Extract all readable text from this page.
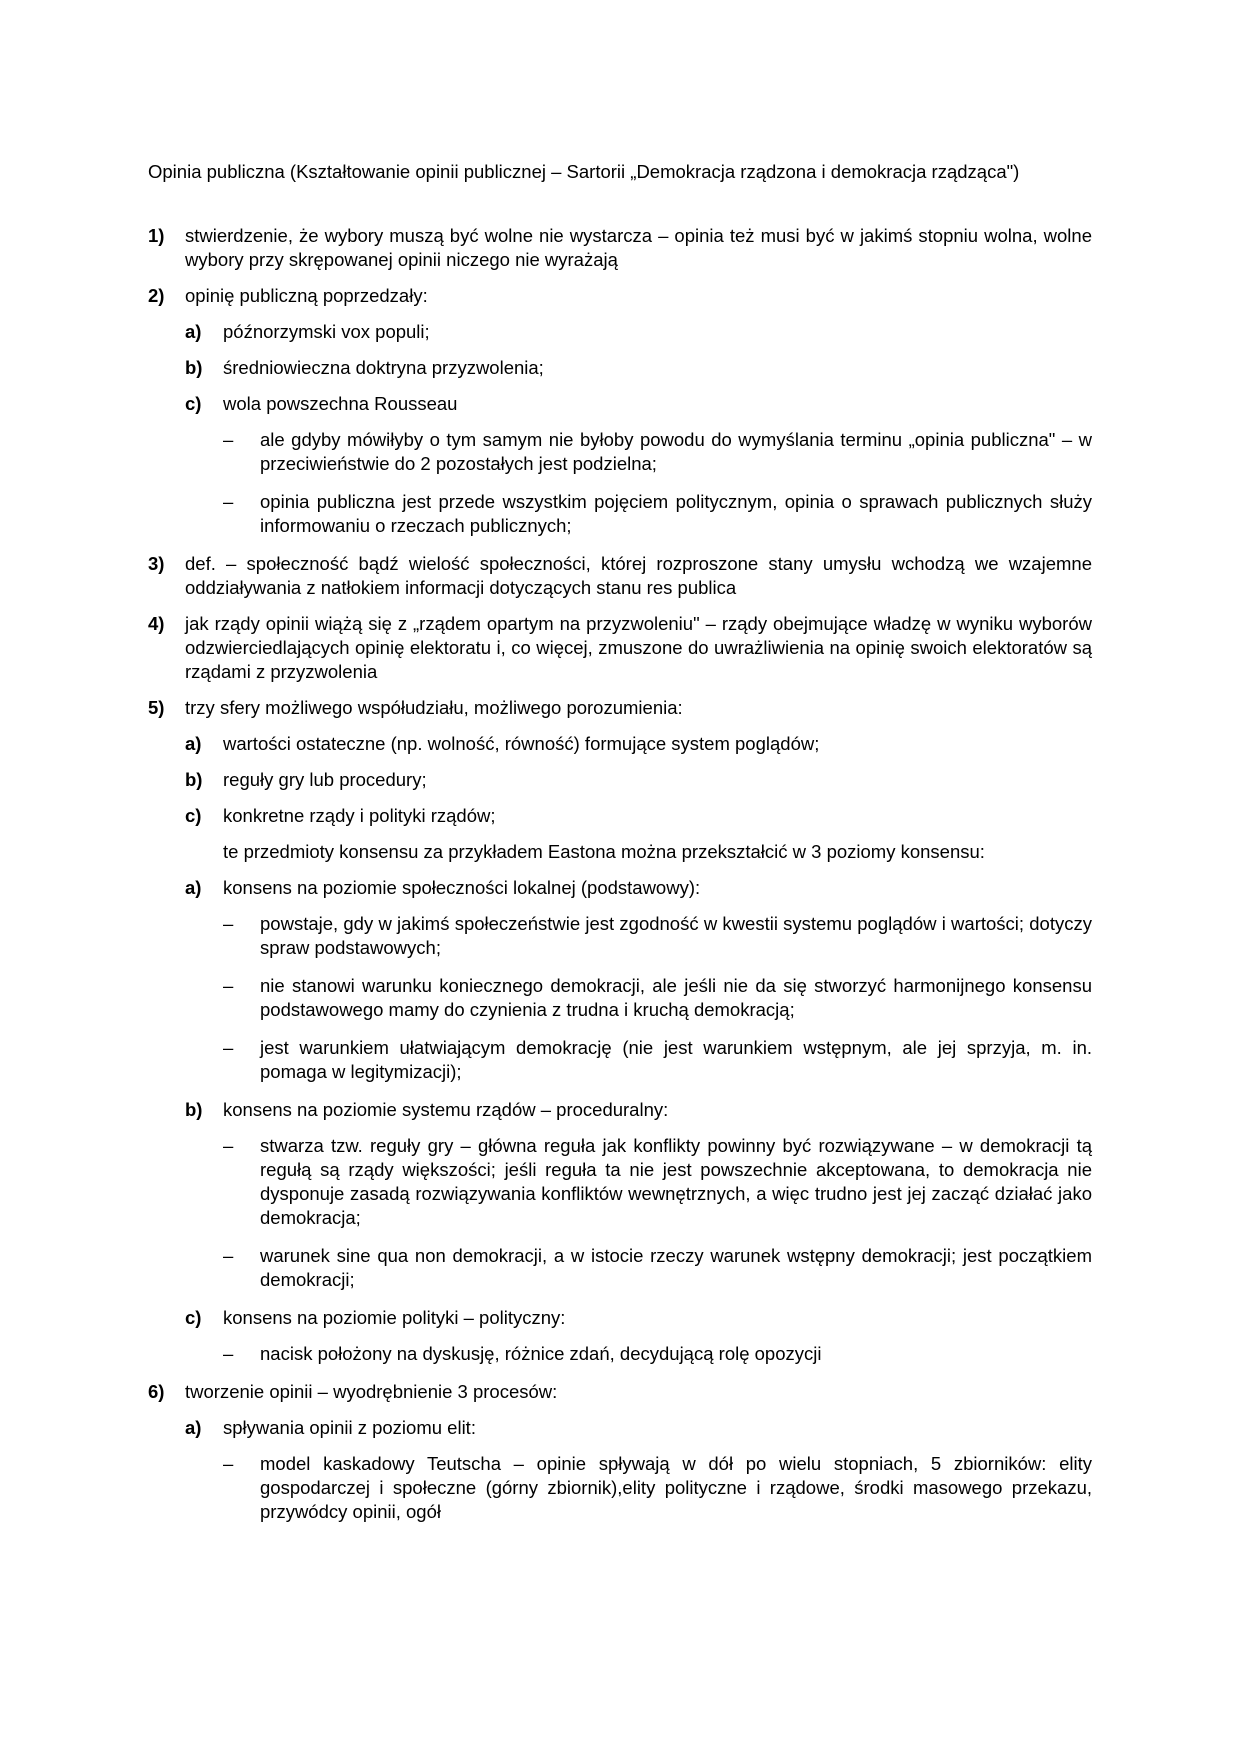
Opinia publiczna (Kształtowanie opinii publicznej – Sartorii „Demokracja rządzona i demokracja rządząca")
1) stwierdzenie, że wybory muszą być wolne nie wystarcza – opinia też musi być w jakimś stopniu wolna, wolne wybory przy skrępowanej opinii niczego nie wyrażają
2) opinię publiczną poprzedzały:
a) późnorzymski vox populi;
b) średniowieczna doktryna przyzwolenia;
c) wola powszechna Rousseau
– ale gdyby mówiłyby o tym samym nie byłoby powodu do wymyślania terminu „opinia publiczna" – w przeciwieństwie do 2 pozostałych jest podzielna;
– opinia publiczna jest przede wszystkim pojęciem politycznym, opinia o sprawach publicznych służy informowaniu o rzeczach publicznych;
3) def. – społeczność bądź wielość społeczności, której rozproszone stany umysłu wchodzą we wzajemne oddziaływania z natłokiem informacji dotyczących stanu res publica
4) jak rządy opinii wiążą się z „rządem opartym na przyzwoleniu" – rządy obejmujące władzę w wyniku wyborów odzwierciedlających opinię elektoratu i, co więcej, zmuszone do uwrażliwienia na opinię swoich elektoratów są rządami z przyzwolenia
5) trzy sfery możliwego współudziału, możliwego porozumienia:
a) wartości ostateczne (np. wolność, równość) formujące system poglądów;
b) reguły gry lub procedury;
c) konkretne rządy i polityki rządów;
te przedmioty konsensu za przykładem Eastona można przekształcić w 3 poziomy konsensu:
a) konsens na poziomie społeczności lokalnej (podstawowy):
– powstaje, gdy w jakimś społeczeństwie jest zgodność w kwestii systemu poglądów i wartości; dotyczy spraw podstawowych;
– nie stanowi warunku koniecznego demokracji, ale jeśli nie da się stworzyć harmonijnego konsensu podstawowego mamy do czynienia z trudna i kruchą demokracją;
– jest warunkiem ułatwiającym demokrację (nie jest warunkiem wstępnym, ale jej sprzyja, m. in. pomaga w legitymizacji);
b) konsens na poziomie systemu rządów – proceduralny:
– stwarza tzw. reguły gry – główna reguła jak konflikty powinny być rozwiązywane – w demokracji tą regułą są rządy większości; jeśli reguła ta nie jest powszechnie akceptowana, to demokracja nie dysponuje zasadą rozwiązywania konfliktów wewnętrznych, a więc trudno jest jej zacząć działać jako demokracja;
– warunek sine qua non demokracji, a w istocie rzeczy warunek wstępny demokracji; jest początkiem demokracji;
c) konsens na poziomie polityki – polityczny:
– nacisk położony na dyskusję, różnice zdań, decydującą rolę opozycji
6) tworzenie opinii – wyodrębnienie 3 procesów:
a) spływania opinii z poziomu elit:
– model kaskadowy Teutscha – opinie spływają w dół po wielu stopniach, 5 zbiorników: elity gospodarczej i społeczne (górny zbiornik),elity polityczne i rządowe, środki masowego przekazu, przywódcy opinii, ogół
